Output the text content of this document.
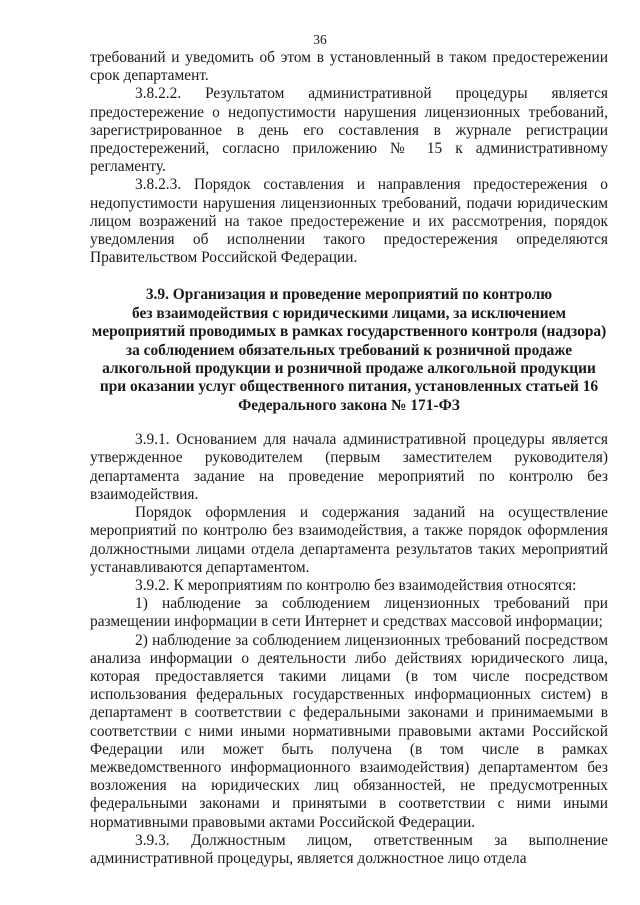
36

требований и уведомить об этом в установленный в таком предостережении срок департамент.

3.8.2.2. Результатом административной процедуры является предостережение о недопустимости нарушения лицензионных требований, зарегистрированное в день его составления в журнале регистрации предостережений, согласно приложению № 15 к административному регламенту.

3.8.2.3. Порядок составления и направления предостережения о недопустимости нарушения лицензионных требований, подачи юридическим лицом возражений на такое предостережение и их рассмотрения, порядок уведомления об исполнении такого предостережения определяются Правительством Российской Федерации.

3.9. Организация и проведение мероприятий по контролю
без взаимодействия с юридическими лицами, за исключением
мероприятий проводимых в рамках государственного контроля (надзора)
за соблюдением обязательных требований к розничной продаже
алкогольной продукции и розничной продаже алкогольной продукции
при оказании услуг общественного питания, установленных статьей 16
Федерального закона № 171-ФЗ

3.9.1. Основанием для начала административной процедуры является утвержденное руководителем (первым заместителем руководителя) департамента задание на проведение мероприятий по контролю без взаимодействия.

Порядок оформления и содержания заданий на осуществление мероприятий по контролю без взаимодействия, а также порядок оформления должностными лицами отдела департамента результатов таких мероприятий устанавливаются департаментом.

3.9.2. К мероприятиям по контролю без взаимодействия относятся:

1) наблюдение за соблюдением лицензионных требований при размещении информации в сети Интернет и средствах массовой информации;

2) наблюдение за соблюдением лицензионных требований посредством анализа информации о деятельности либо действиях юридического лица, которая предоставляется такими лицами (в том числе посредством использования федеральных государственных информационных систем) в департамент в соответствии с федеральными законами и принимаемыми в соответствии с ними иными нормативными правовыми актами Российской Федерации или может быть получена (в том числе в рамках межведомственного информационного взаимодействия) департаментом без возложения на юридических лиц обязанностей, не предусмотренных федеральными законами и принятыми в соответствии с ними иными нормативными правовыми актами Российской Федерации.

3.9.3. Должностным лицом, ответственным за выполнение административной процедуры, является должностное лицо отдела
